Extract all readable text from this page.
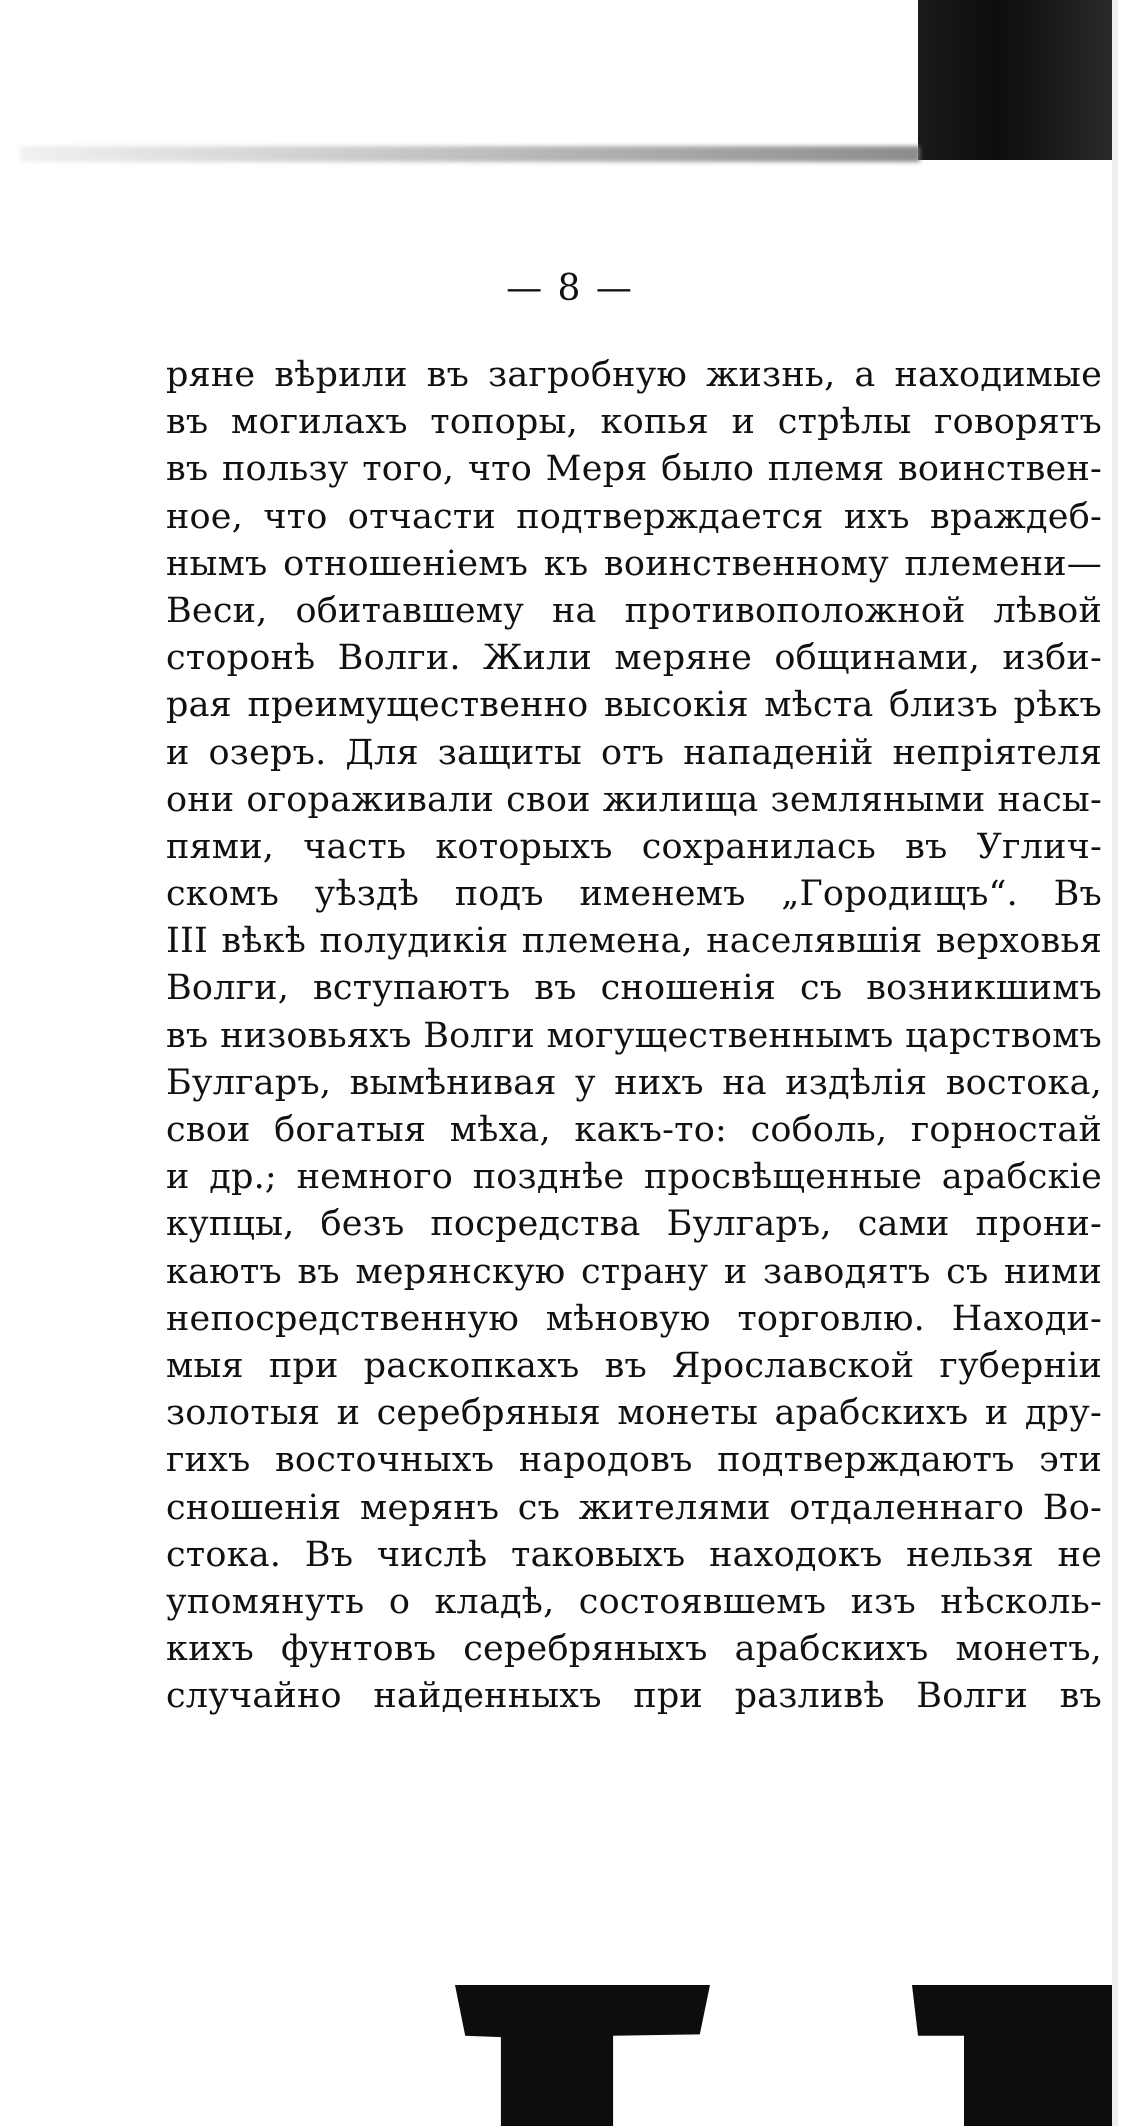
— 8 —
ряне вѣрили въ загробную жизнь, а находимые
въ могилахъ топоры, копья и стрѣлы говорятъ
въ пользу того, что Меря было племя воинствен-
ное, что отчасти подтверждается ихъ враждеб-
нымъ отношеніемъ къ воинственному племени—
Веси, обитавшему на противоположной лѣвой
сторонѣ Волги. Жили меряне общинами, изби-
рая преимущественно высокія мѣста близъ рѣкъ
и озеръ. Для защиты отъ нападеній непріятеля
они огораживали свои жилища земляными насы-
пями, часть которыхъ сохранилась въ Углич-
скомъ уѣздѣ подъ именемъ „Городищъ“. Въ
III вѣкѣ полудикія племена, населявшія верховья
Волги, вступаютъ въ сношенія съ возникшимъ
въ низовьяхъ Волги могущественнымъ царствомъ
Булгаръ, вымѣнивая у нихъ на издѣлія востока,
свои богатыя мѣха, какъ-то: соболь, горностай
и др.; немного позднѣе просвѣщенные арабскіе
купцы, безъ посредства Булгаръ, сами прони-
каютъ въ мерянскую страну и заводятъ съ ними
непосредственную мѣновую торговлю. Находи-
мыя при раскопкахъ въ Ярославской губерніи
золотыя и серебряныя монеты арабскихъ и дру-
гихъ восточныхъ народовъ подтверждаютъ эти
сношенія мерянъ съ жителями отдаленнаго Во-
стока. Въ числѣ таковыхъ находокъ нельзя не
упомянуть о кладѣ, состоявшемъ изъ нѣсколь-
кихъ фунтовъ серебряныхъ арабскихъ монетъ,
случайно найденныхъ при разливѣ Волги въ
